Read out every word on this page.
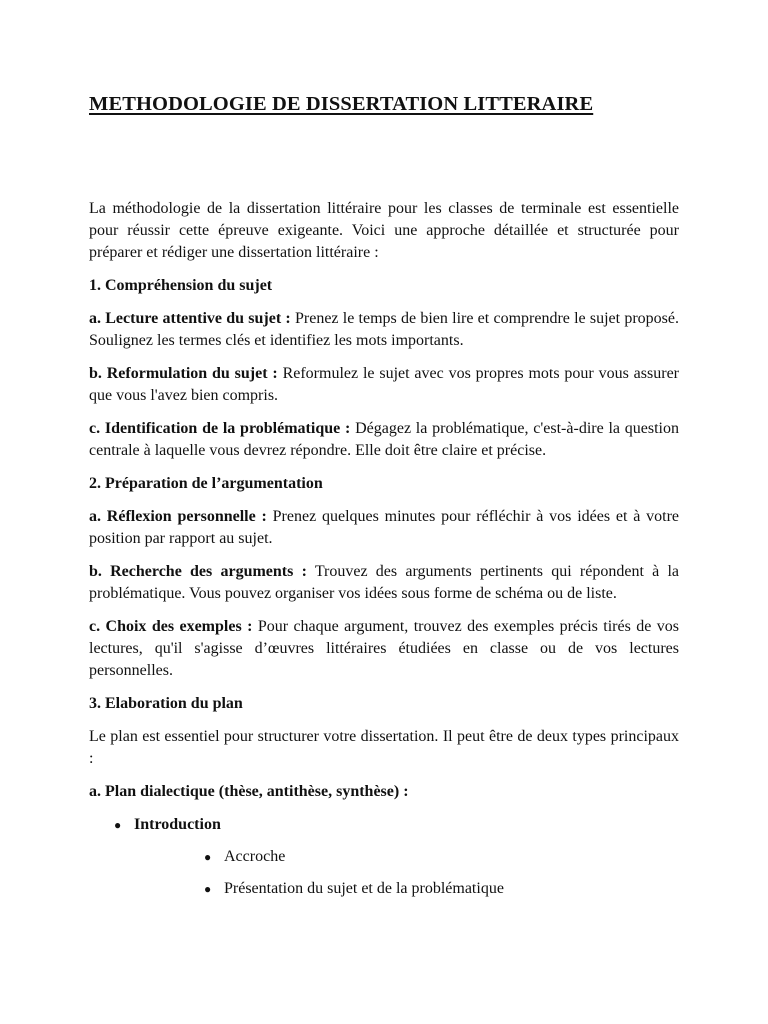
METHODOLOGIE DE DISSERTATION LITTERAIRE

La méthodologie de la dissertation littéraire pour les classes de terminale est essentielle pour réussir cette épreuve exigeante. Voici une approche détaillée et structurée pour préparer et rédiger une dissertation littéraire :

1. Compréhension du sujet

a. Lecture attentive du sujet : Prenez le temps de bien lire et comprendre le sujet proposé. Soulignez les termes clés et identifiez les mots importants.

b. Reformulation du sujet : Reformulez le sujet avec vos propres mots pour vous assurer que vous l'avez bien compris.

c. Identification de la problématique : Dégagez la problématique, c'est-à-dire la question centrale à laquelle vous devrez répondre. Elle doit être claire et précise.

2. Préparation de l’argumentation

a. Réflexion personnelle : Prenez quelques minutes pour réfléchir à vos idées et à votre position par rapport au sujet.

b. Recherche des arguments : Trouvez des arguments pertinents qui répondent à la problématique. Vous pouvez organiser vos idées sous forme de schéma ou de liste.

c. Choix des exemples : Pour chaque argument, trouvez des exemples précis tirés de vos lectures, qu'il s'agisse d’œuvres littéraires étudiées en classe ou de vos lectures personnelles.

3. Elaboration du plan

Le plan est essentiel pour structurer votre dissertation. Il peut être de deux types principaux :

a. Plan dialectique (thèse, antithèse, synthèse) :

● Introduction
● Accroche
● Présentation du sujet et de la problématique
